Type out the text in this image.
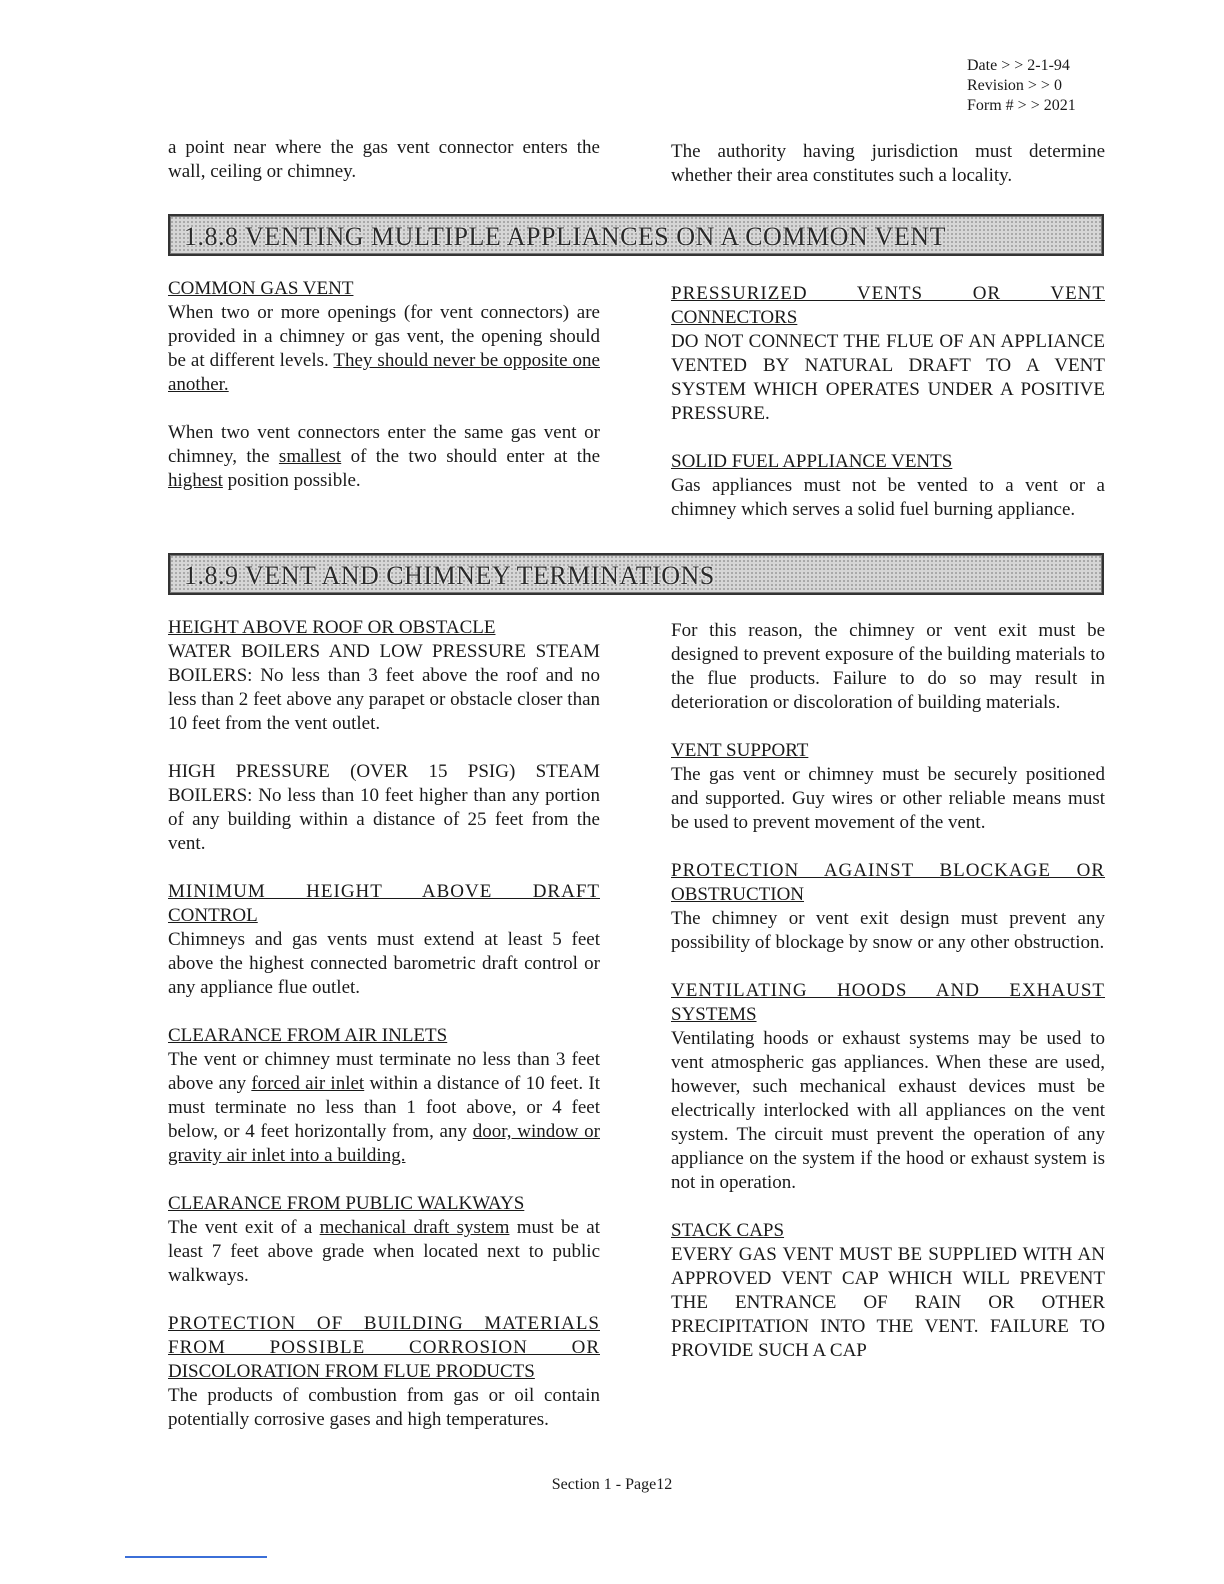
Date > > 2-1-94
Revision > > 0
Form # > > 2021

a point near where the gas vent connector enters the wall, ceiling or chimney.

The authority having jurisdiction must determine whether their area constitutes such a locality.

1.8.8 VENTING MULTIPLE APPLIANCES ON A COMMON VENT

COMMON GAS VENT

When two or more openings (for vent connectors) are provided in a chimney or gas vent, the opening should be at different levels. They should never be opposite one another.

When two vent connectors enter the same gas vent or chimney, the smallest of the two should enter at the highest position possible.

PRESSURIZED VENTS OR VENT

CONNECTORS

DO NOT CONNECT THE FLUE OF AN APPLIANCE VENTED BY NATURAL DRAFT TO A VENT SYSTEM WHICH OPERATES UNDER A POSITIVE PRESSURE.

SOLID FUEL APPLIANCE VENTS

Gas appliances must not be vented to a vent or a chimney which serves a solid fuel burning appliance.

1.8.9 VENT AND CHIMNEY TERMINATIONS

HEIGHT ABOVE ROOF OR OBSTACLE

WATER BOILERS AND LOW PRESSURE STEAM BOILERS: No less than 3 feet above the roof and no less than 2 feet above any parapet or obstacle closer than 10 feet from the vent outlet.

HIGH PRESSURE (OVER 15 PSIG) STEAM BOILERS: No less than 10 feet higher than any portion of any building within a distance of 25 feet from the vent.

MINIMUM HEIGHT ABOVE DRAFT

CONTROL

Chimneys and gas vents must extend at least 5 feet above the highest connected barometric draft control or any appliance flue outlet.

CLEARANCE FROM AIR INLETS

The vent or chimney must terminate no less than 3 feet above any forced air inlet within a distance of 10 feet. It must terminate no less than 1 foot above, or 4 feet below, or 4 feet horizontally from, any door, window or gravity air inlet into a building.

CLEARANCE FROM PUBLIC WALKWAYS

The vent exit of a mechanical draft system must be at least 7 feet above grade when located next to public walkways.

PROTECTION OF BUILDING MATERIALS

FROM POSSIBLE CORROSION OR

DISCOLORATION FROM FLUE PRODUCTS

The products of combustion from gas or oil contain potentially corrosive gases and high temperatures.

For this reason, the chimney or vent exit must be designed to prevent exposure of the building materials to the flue products. Failure to do so may result in deterioration or discoloration of building materials.

VENT SUPPORT

The gas vent or chimney must be securely positioned and supported. Guy wires or other reliable means must be used to prevent movement of the vent.

PROTECTION AGAINST BLOCKAGE OR

OBSTRUCTION

The chimney or vent exit design must prevent any possibility of blockage by snow or any other obstruction.

VENTILATING HOODS AND EXHAUST

SYSTEMS

Ventilating hoods or exhaust systems may be used to vent atmospheric gas appliances. When these are used, however, such mechanical exhaust devices must be electrically interlocked with all appliances on the vent system. The circuit must prevent the operation of any appliance on the system if the hood or exhaust system is not in operation.

STACK CAPS

EVERY GAS VENT MUST BE SUPPLIED WITH AN APPROVED VENT CAP WHICH WILL PREVENT THE ENTRANCE OF RAIN OR OTHER PRECIPITATION INTO THE VENT. FAILURE TO PROVIDE SUCH A CAP

Section 1 - Page12
